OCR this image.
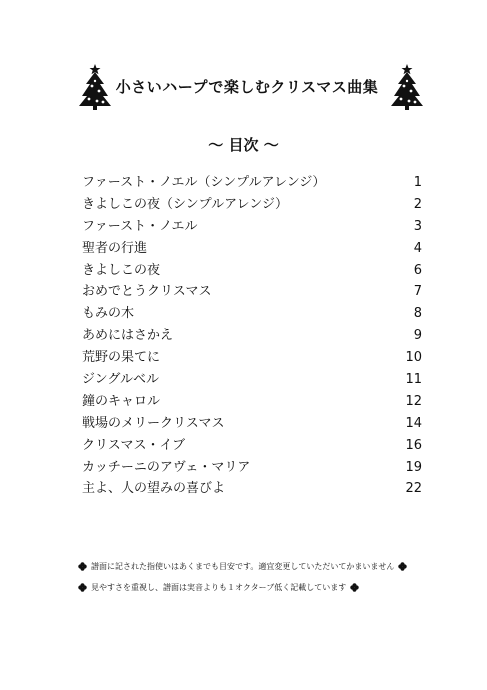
小さいハープで楽しむクリスマス曲集
～ 目次 ～
ファースト・ノエル（シンプルアレンジ）	1
きよしこの夜（シンプルアレンジ）	2
ファースト・ノエル	3
聖者の行進	4
きよしこの夜	6
おめでとうクリスマス	7
もみの木	8
あめにはさかえ	9
荒野の果てに	10
ジングルベル	11
鐘のキャロル	12
戦場のメリークリスマス	14
クリスマス・イブ	16
カッチーニのアヴェ・マリア	19
主よ、人の望みの喜びよ	22
譜面に記された指使いはあくまでも目安です。適宜変更していただいてかまいません
見やすさを重視し、譜面は実音よりも１オクターブ低く記載しています
